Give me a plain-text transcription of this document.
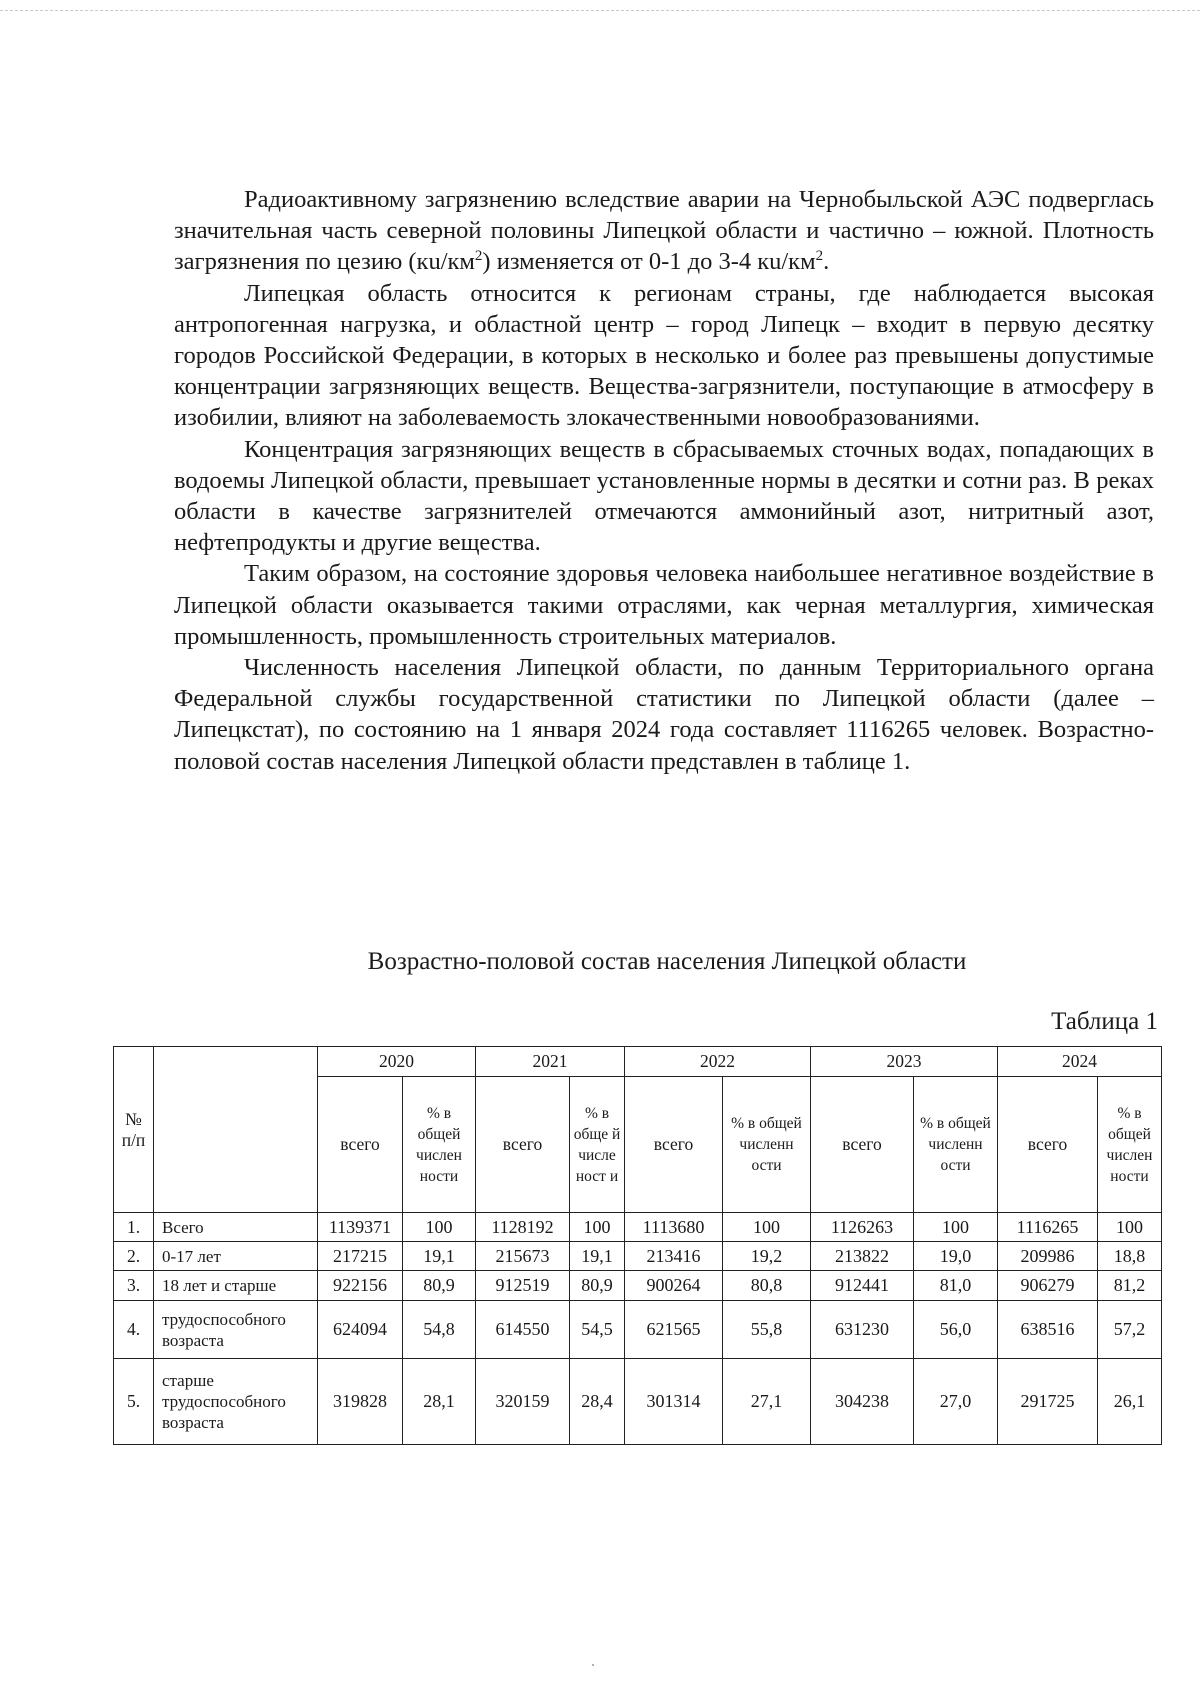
Радиоактивному загрязнению вследствие аварии на Чернобыльской АЭС подверглась значительная часть северной половины Липецкой области и частично – южной. Плотность загрязнения по цезию $(кu/км^2)$ изменяется от 0-1 до 3-4 $кu/км^2$.

Липецкая область относится к регионам страны, где наблюдается высокая антропогенная нагрузка, и областной центр – город Липецк – входит в первую десятку городов Российской Федерации, в которых в несколько и более раз превышены допустимые концентрации загрязняющих веществ. Вещества-загрязнители, поступающие в атмосферу в изобилии, влияют на заболеваемость злокачественными новообразованиями.

Концентрация загрязняющих веществ в сбрасываемых сточных водах, попадающих в водоемы Липецкой области, превышает установленные нормы в десятки и сотни раз. В реках области в качестве загрязнителей отмечаются аммонийный азот, нитритный азот, нефтепродукты и другие вещества.

Таким образом, на состояние здоровья человека наибольшее негативное воздействие в Липецкой области оказывается такими отраслями, как черная металлургия, химическая промышленность, промышленность строительных материалов.

Численность населения Липецкой области, по данным Территориального органа Федеральной службы государственной статистики по Липецкой области (далее – Липецкстат), по состоянию на 1 января 2024 года составляет 1116265 человек. Возрастно-половой состав населения Липецкой области представлен в таблице 1.

Возрастно-половой состав населения Липецкой области
Таблица 1
№ п/п		2020		2021		2022		2023		2024	
		всего	% в общей числен ности	всего	% в обще й числе ност и	всего	% в общей численн ости	всего	% в общей численн ости	всего	% в общей числен ности
1.	Всего	1139371	100	1128192	100	1113680	100	1126263	100	1116265	100
2.	0-17 лет	217215	19,1	215673	19,1	213416	19,2	213822	19,0	209986	18,8
3.	18 лет и старше	922156	80,9	912519	80,9	900264	80,8	912441	81,0	906279	81,2
4.	трудоспособного возраста	624094	54,8	614550	54,5	621565	55,8	631230	56,0	638516	57,2
5.	старше трудоспособного возраста	319828	28,1	320159	28,4	301314	27,1	304238	27,0	291725	26,1
